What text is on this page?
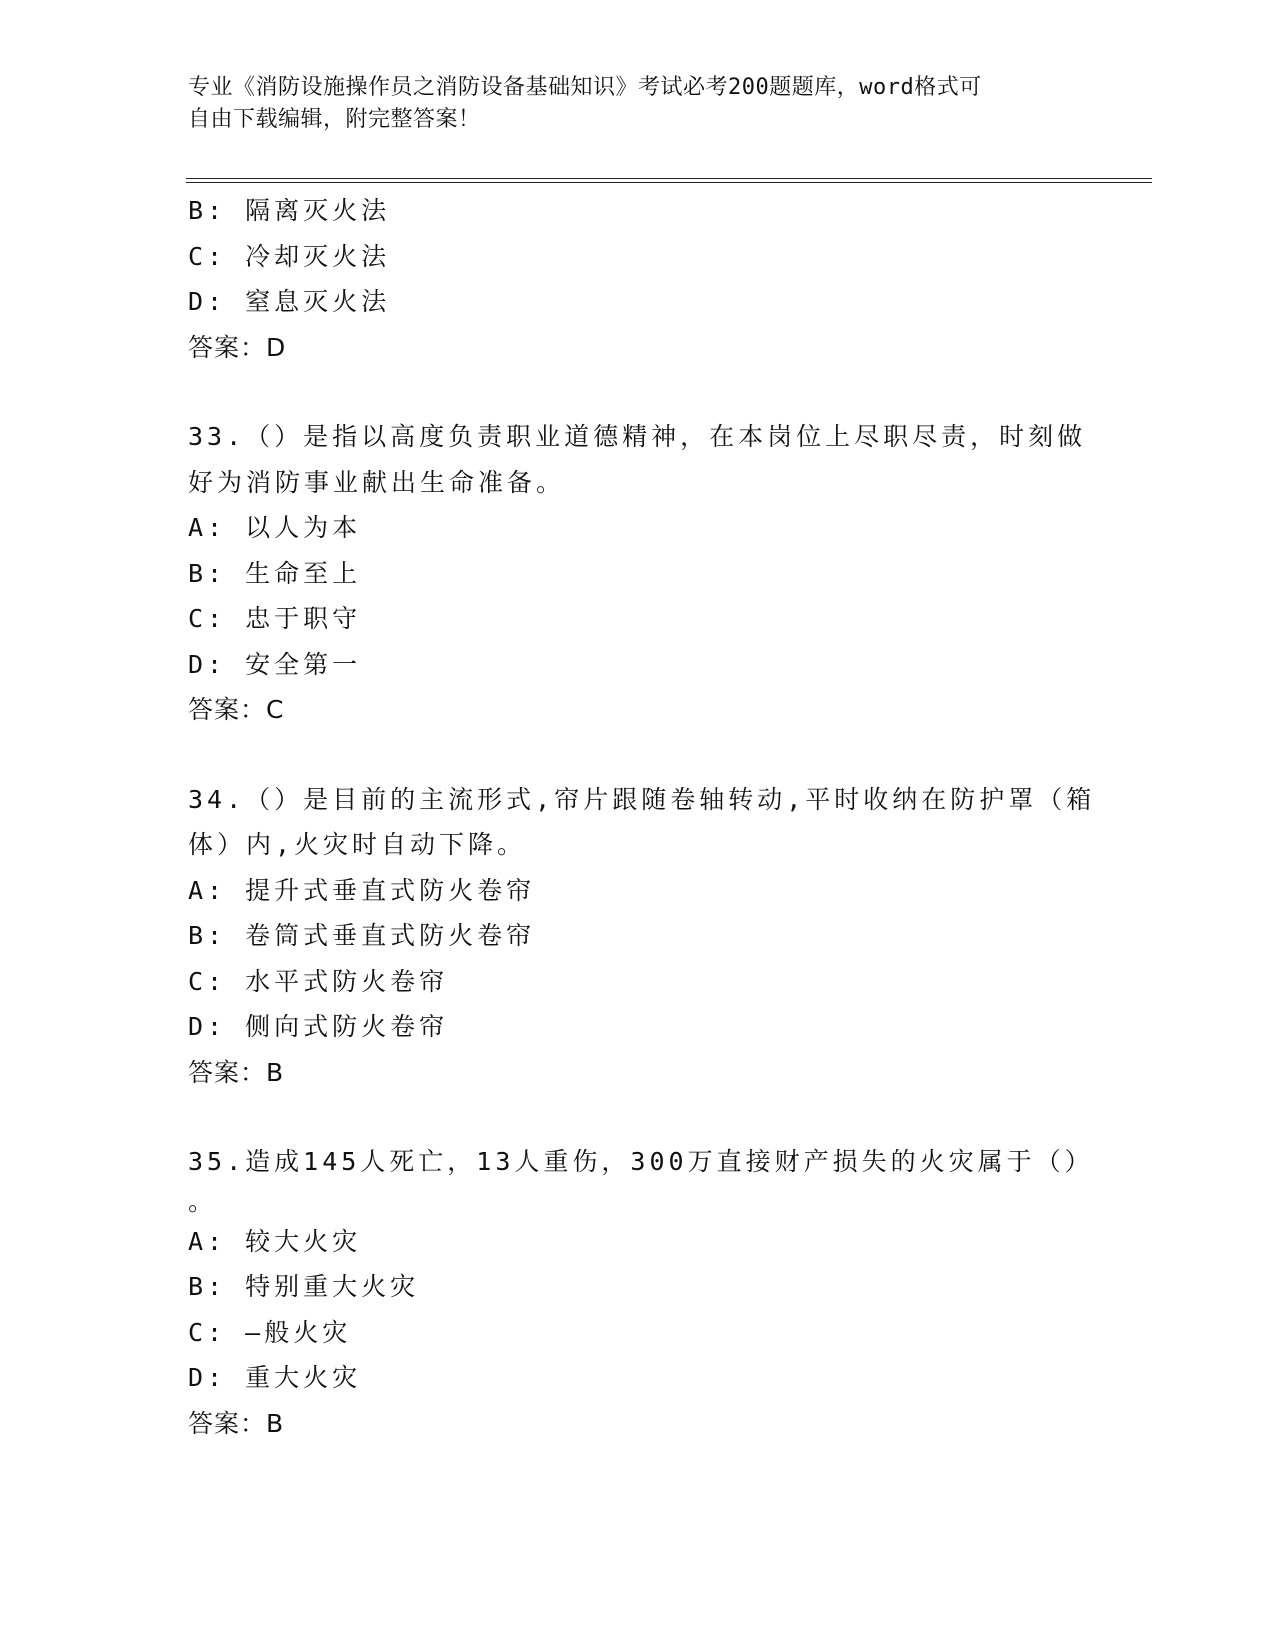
专业《消防设施操作员之消防设备基础知识》考试必考200题题库，word格式可
自由下载编辑，附完整答案！
B: 隔离灭火法
C: 冷却灭火法
D: 窒息灭火法
答案：D
33.（）是指以高度负责职业道德精神，在本岗位上尽职尽责，时刻做
好为消防事业献出生命准备。
A: 以人为本
B: 生命至上
C: 忠于职守
D: 安全第一
答案：C
34.（）是目前的主流形式,帘片跟随卷轴转动,平时收纳在防护罩（箱
体）内,火灾时自动下降。
A: 提升式垂直式防火卷帘
B: 卷筒式垂直式防火卷帘
C: 水平式防火卷帘
D: 侧向式防火卷帘
答案：B
35.造成145人死亡，13人重伤，300万直接财产损失的火灾属于（）
。
A: 较大火灾
B: 特别重大火灾
C: —般火灾
D: 重大火灾
答案：B
